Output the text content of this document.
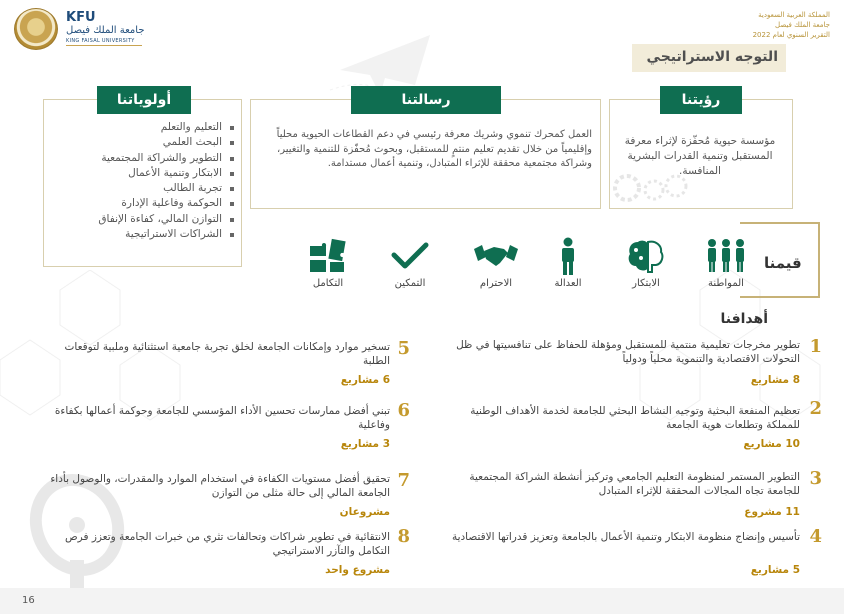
المملكة العربية السعودية
جامعة الملك فيصل
التقرير السنوي لعام 2022
KFU
جامعة الملك فيصل
KING FAISAL UNIVERSITY
التوجه الاستراتيجي
رؤيتنا
مؤسسة حيوية مُحفّزة لإثراء معرفة المستقبل وتنمية القدرات البشرية المنافسة.
رسالتنا
العمل كمحرك تنموي وشريك معرفة رئيسي في دعم القطاعات الحيوية محلياً وإقليمياً من خلال تقديم تعليم منتمٍ للمستقبل، وبحوث مُحفّزة للتنمية والتغيير، وشراكة مجتمعية محققة للإثراء المتبادل، وتنمية أعمال مستدامة.
أولوياتنا
التعليم والتعلم
البحث العلمي
التطوير والشراكة المجتمعية
الابتكار وتنمية الأعمال
تجربة الطالب
الحوكمة وفاعلية الإدارة
التوازن المالي، كفاءة الإنفاق
الشراكات الاستراتيجية
قيمنا
المواطنة
الابتكار
العدالة
الاحترام
التمكين
التكامل
أهدافنا
1
تطوير مخرجات تعليمية منتمية للمستقبل ومؤهلة للحفاظ على تنافسيتها في ظل التحولات الاقتصادية والتنموية محلياً ودولياً
8 مشاريع
2
تعظيم المنفعة البحثية وتوجيه النشاط البحثي للجامعة لخدمة الأهداف الوطنية للمملكة وتطلعات هوية الجامعة
10 مشاريع
3
التطوير المستمر لمنظومة التعليم الجامعي وتركيز أنشطة الشراكة المجتمعية للجامعة تجاه المجالات المحققة للإثراء المتبادل
11 مشروع
4
تأسيس وإنضاج منظومة الابتكار وتنمية الأعمال بالجامعة وتعزيز قدراتها الاقتصادية
5 مشاريع
5
تسخير موارد وإمكانات الجامعة لخلق تجربة جامعية استثنائية وملبية لتوقعات الطلبة
6 مشاريع
6
تبني أفضل ممارسات تحسين الأداء المؤسسي للجامعة وحوكمة أعمالها بكفاءة وفاعلية
3 مشاريع
7
تحقيق أفضل مستويات الكفاءة في استخدام الموارد والمقدرات، والوصول بأداء الجامعة المالي إلى حالة مثلى من التوازن
مشروعان
8
الانتقائية في تطوير شراكات وتحالفات تثري من خبرات الجامعة وتعزز فرص التكامل والتآزر الاستراتيجي
مشروع واحد
16
